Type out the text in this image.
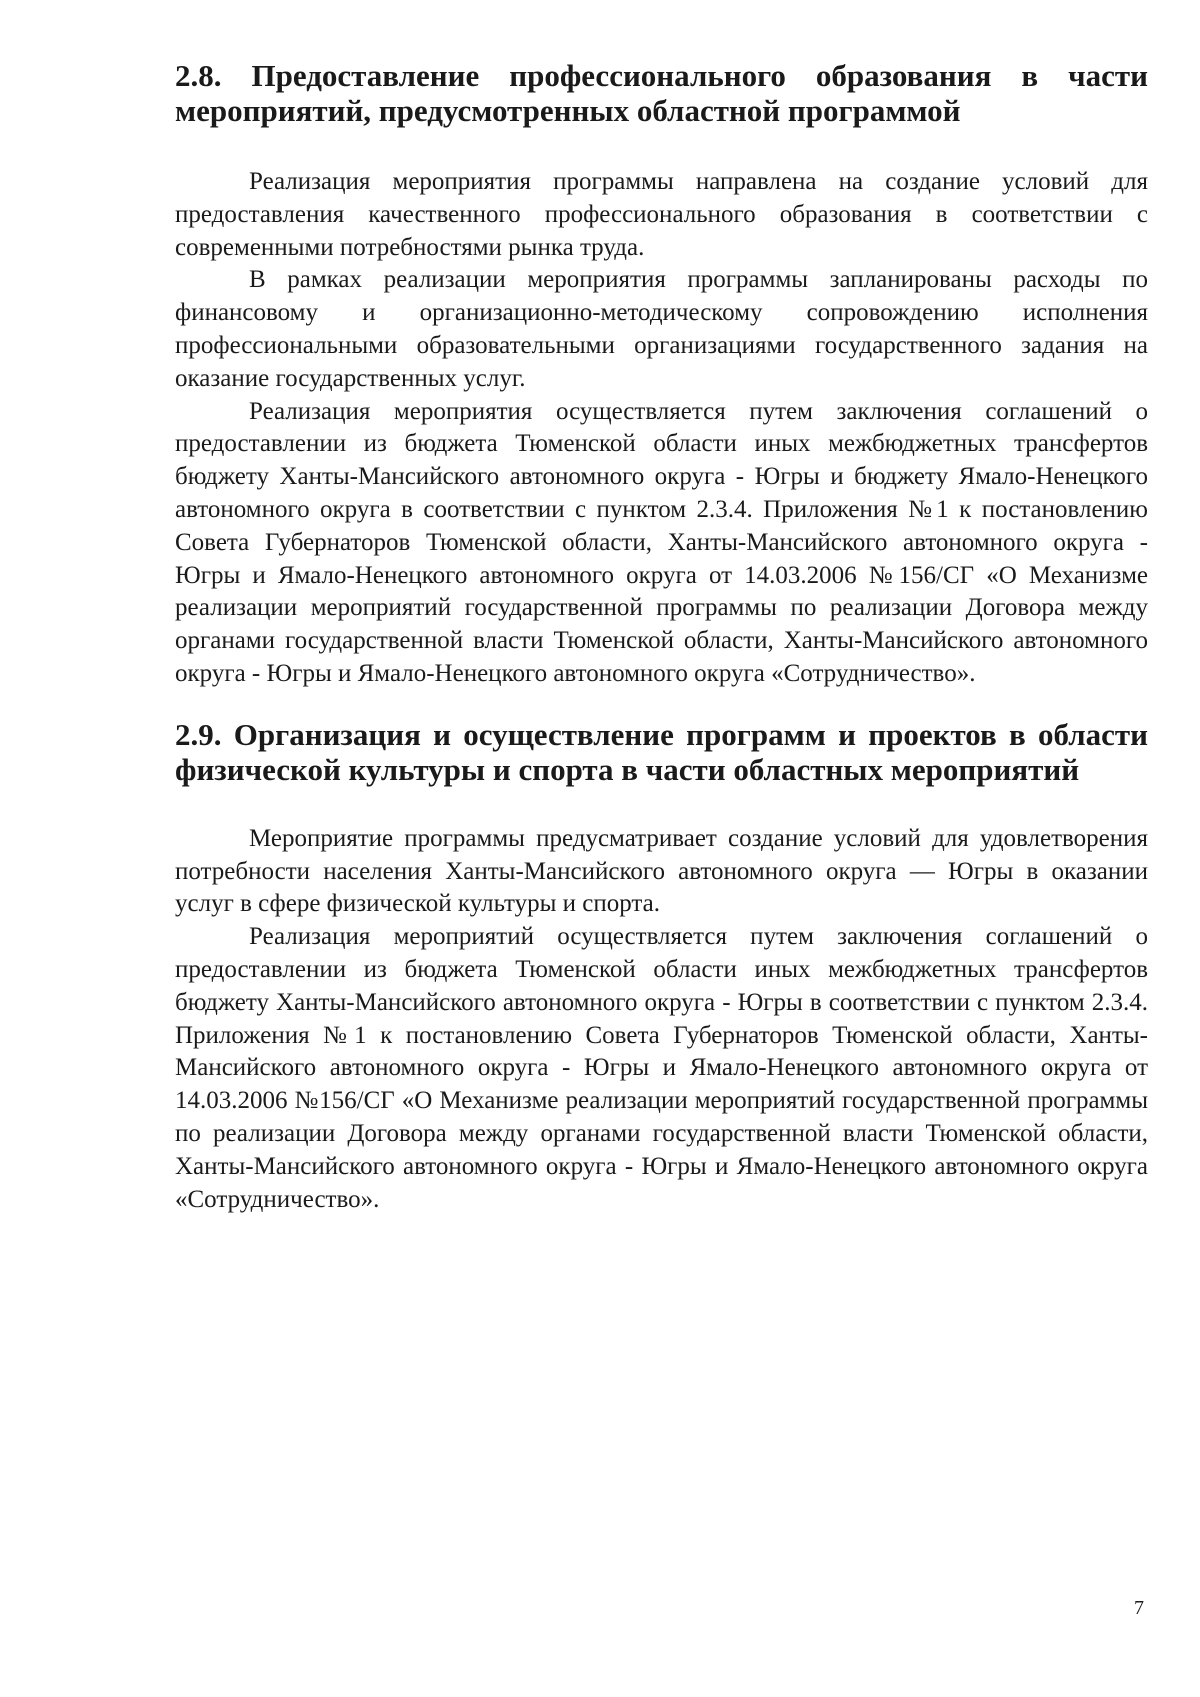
2.8. Предоставление профессионального образования в части мероприятий, предусмотренных областной программой

Реализация мероприятия программы направлена на создание условий для предоставления качественного профессионального образования в соответствии с современными потребностями рынка труда.

В рамках реализации мероприятия программы запланированы расходы по финансовому и организационно-методическому сопровождению исполнения профессиональными образовательными организациями государственного задания на оказание государственных услуг.

Реализация мероприятия осуществляется путем заключения соглашений о предоставлении из бюджета Тюменской области иных межбюджетных трансфертов бюджету Ханты-Мансийского автономного округа - Югры и бюджету Ямало-Ненецкого автономного округа в соответствии с пунктом 2.3.4. Приложения №1 к постановлению Совета Губернаторов Тюменской области, Ханты-Мансийского автономного округа - Югры и Ямало-Ненецкого автономного округа от 14.03.2006 №156/СГ «О Механизме реализации мероприятий государственной программы по реализации Договора между органами государственной власти Тюменской области, Ханты-Мансийского автономного округа - Югры и Ямало-Ненецкого автономного округа «Сотрудничество».

2.9. Организация и осуществление программ и проектов в области физической культуры и спорта в части областных мероприятий

Мероприятие программы предусматривает создание условий для удовлетворения потребности населения Ханты-Мансийского автономного округа — Югры в оказании услуг в сфере физической культуры и спорта.

Реализация мероприятий осуществляется путем заключения соглашений о предоставлении из бюджета Тюменской области иных межбюджетных трансфертов бюджету Ханты-Мансийского автономного округа - Югры в соответствии с пунктом 2.3.4. Приложения №1 к постановлению Совета Губернаторов Тюменской области, Ханты-Мансийского автономного округа - Югры и Ямало-Ненецкого автономного округа от 14.03.2006 №156/СГ «О Механизме реализации мероприятий государственной программы по реализации Договора между органами государственной власти Тюменской области, Ханты-Мансийского автономного округа - Югры и Ямало-Ненецкого автономного округа «Сотрудничество».

7
